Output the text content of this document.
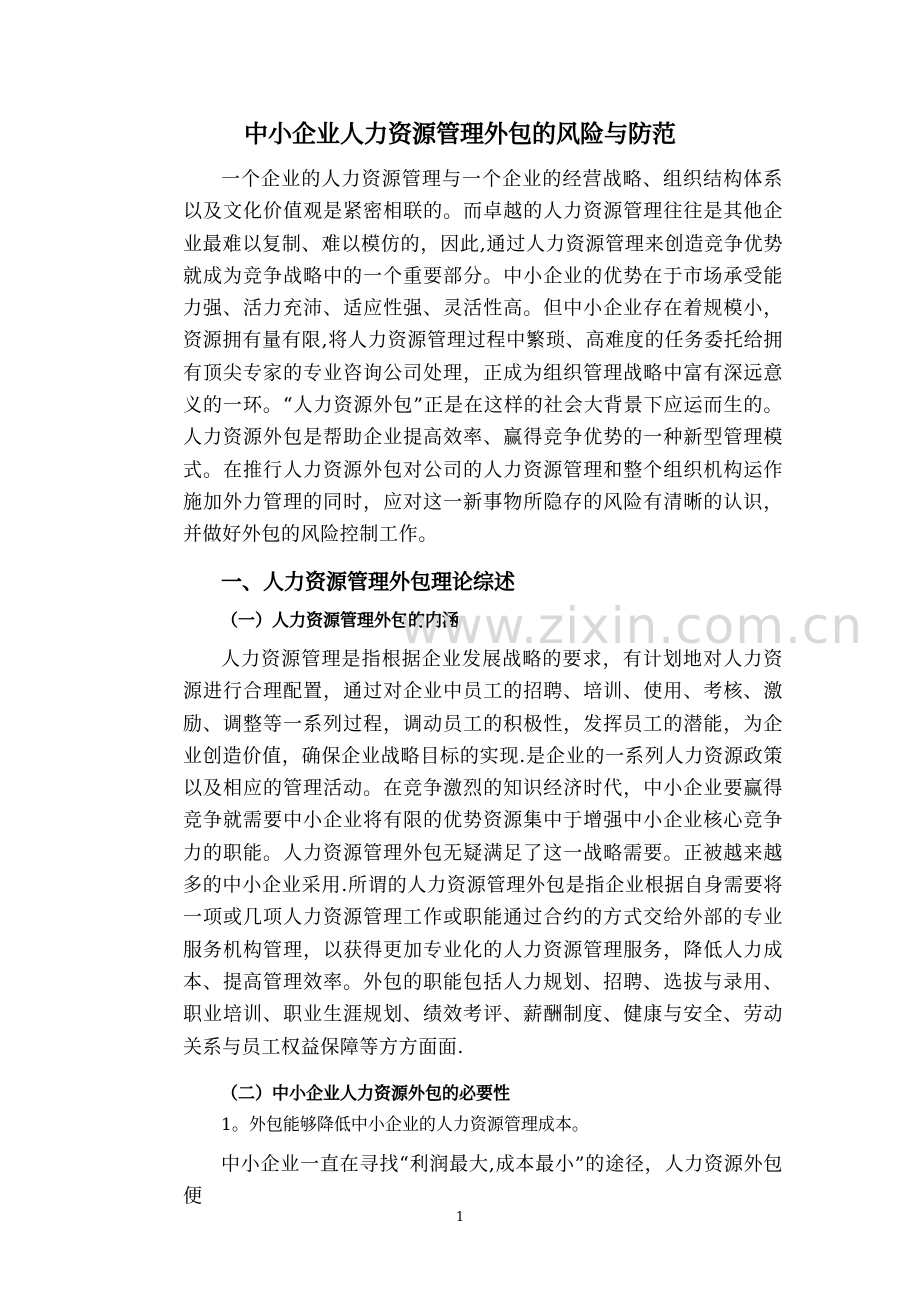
中小企业人力资源管理外包的风险与防范

一个企业的人力资源管理与一个企业的经营战略、组织结构体系以及文化价值观是紧密相联的。而卓越的人力资源管理往往是其他企业最难以复制、难以模仿的，因此,通过人力资源管理来创造竞争优势就成为竞争战略中的一个重要部分。中小企业的优势在于市场承受能力强、活力充沛、适应性强、灵活性高。但中小企业存在着规模小，资源拥有量有限,将人力资源管理过程中繁琐、高难度的任务委托给拥有顶尖专家的专业咨询公司处理，正成为组织管理战略中富有深远意义的一环。“人力资源外包”正是在这样的社会大背景下应运而生的。人力资源外包是帮助企业提高效率、赢得竞争优势的一种新型管理模式。在推行人力资源外包对公司的人力资源管理和整个组织机构运作施加外力管理的同时，应对这一新事物所隐存的风险有清晰的认识，并做好外包的风险控制工作。

一、人力资源管理外包理论综述
（一）人力资源管理外包的内涵

人力资源管理是指根据企业发展战略的要求，有计划地对人力资源进行合理配置，通过对企业中员工的招聘、培训、使用、考核、激励、调整等一系列过程，调动员工的积极性，发挥员工的潜能，为企业创造价值，确保企业战略目标的实现.是企业的一系列人力资源政策以及相应的管理活动。在竞争激烈的知识经济时代，中小企业要赢得竞争就需要中小企业将有限的优势资源集中于增强中小企业核心竞争力的职能。人力资源管理外包无疑满足了这一战略需要。正被越来越多的中小企业采用.所谓的人力资源管理外包是指企业根据自身需要将一项或几项人力资源管理工作或职能通过合约的方式交给外部的专业服务机构管理，以获得更加专业化的人力资源管理服务，降低人力成本、提高管理效率。外包的职能包括人力规划、招聘、选拔与录用、职业培训、职业生涯规划、绩效考评、薪酬制度、健康与安全、劳动关系与员工权益保障等方方面面.

（二）中小企业人力资源外包的必要性

1。外包能够降低中小企业的人力资源管理成本。

中小企业一直在寻找“利润最大,成本最小”的途径，人力资源外包便

1
www.zixin.com.cn
